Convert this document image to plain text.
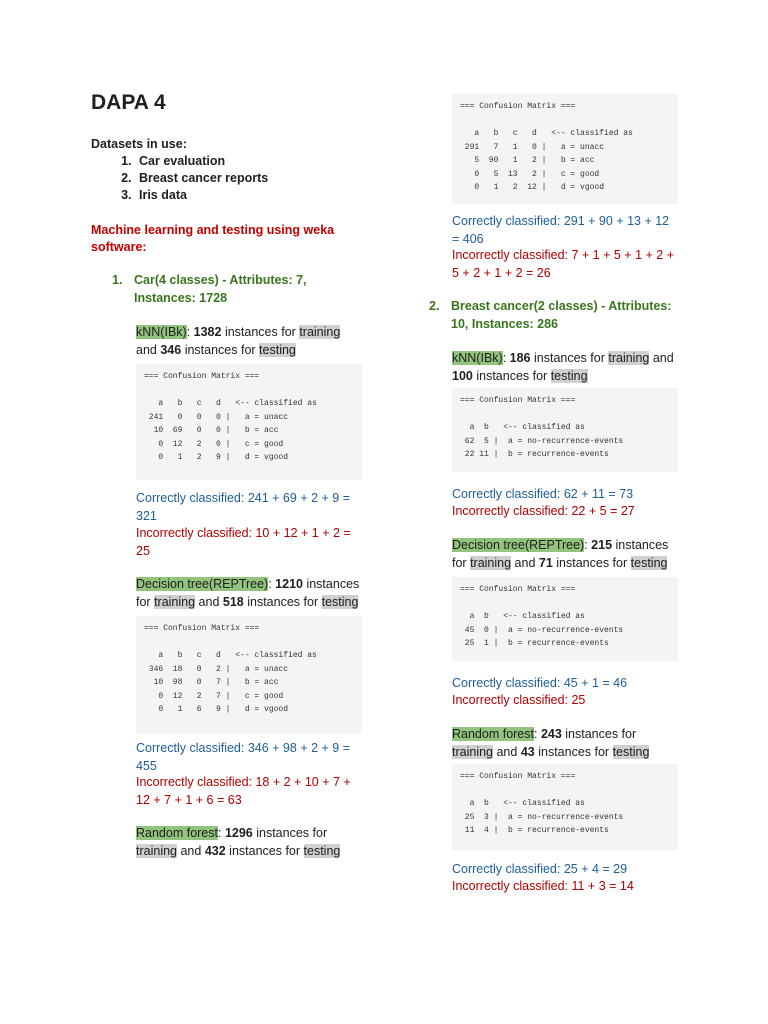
DAPA 4
Datasets in use:
1. Car evaluation
2. Breast cancer reports
3. Iris data
Machine learning and testing using weka software:
1. Car(4 classes) - Attributes: 7,
Instances: 1728
kNN(IBk): 1382 instances for training
and 346 instances for testing
=== Confusion Matrix ===

a   b   c   d   <-- classified as
241   0   0   0 |   a = unacc
10  69   0   0 |   b = acc
0  12   2   0 |   c = good
0   1   2   9 |   d = vgood
Correctly classified: 241 + 69 + 2 + 9 =
321
Incorrectly classified: 10 + 12 + 1 + 2 =
25
Decision tree(REPTree): 1210 instances
for training and 518 instances for testing
=== Confusion Matrix ===

a   b   c   d   <-- classified as
346  18   0   2 |   a = unacc
10  98   0   7 |   b = acc
0  12   2   7 |   c = good
0   1   6   9 |   d = vgood
Correctly classified: 346 + 98 + 2 + 9 =
455
Incorrectly classified: 18 + 2 + 10 + 7 +
12 + 7 + 1 + 6 = 63
Random forest: 1296 instances for
training and 432 instances for testing
=== Confusion Matrix ===

a   b   c   d   <-- classified as
291   7   1   0 |   a = unacc
5  90   1   2 |   b = acc
0   5  13   2 |   c = good
0   1   2  12 |   d = vgood
Correctly classified: 291 + 90 + 13 + 12
= 406
Incorrectly classified: 7 + 1 + 5 + 1 + 2 +
5 + 2 + 1 + 2 = 26
2. Breast cancer(2 classes) - Attributes:
10, Instances: 286
kNN(IBk): 186 instances for training and
100 instances for testing
=== Confusion Matrix ===

a  b   <-- classified as
62  5 |  a = no-recurrence-events
22 11 |  b = recurrence-events
Correctly classified: 62 + 11 = 73
Incorrectly classified: 22 + 5 = 27
Decision tree(REPTree): 215 instances
for training and 71 instances for testing
=== Confusion Matrix ===

a  b   <-- classified as
45  0 |  a = no-recurrence-events
25  1 |  b = recurrence-events
Correctly classified: 45 + 1 = 46
Incorrectly classified: 25
Random forest: 243 instances for
training and 43 instances for testing
=== Confusion Matrix ===

a  b   <-- classified as
25  3 |  a = no-recurrence-events
11  4 |  b = recurrence-events
Correctly classified: 25 + 4 = 29
Incorrectly classified: 11 + 3 = 14
